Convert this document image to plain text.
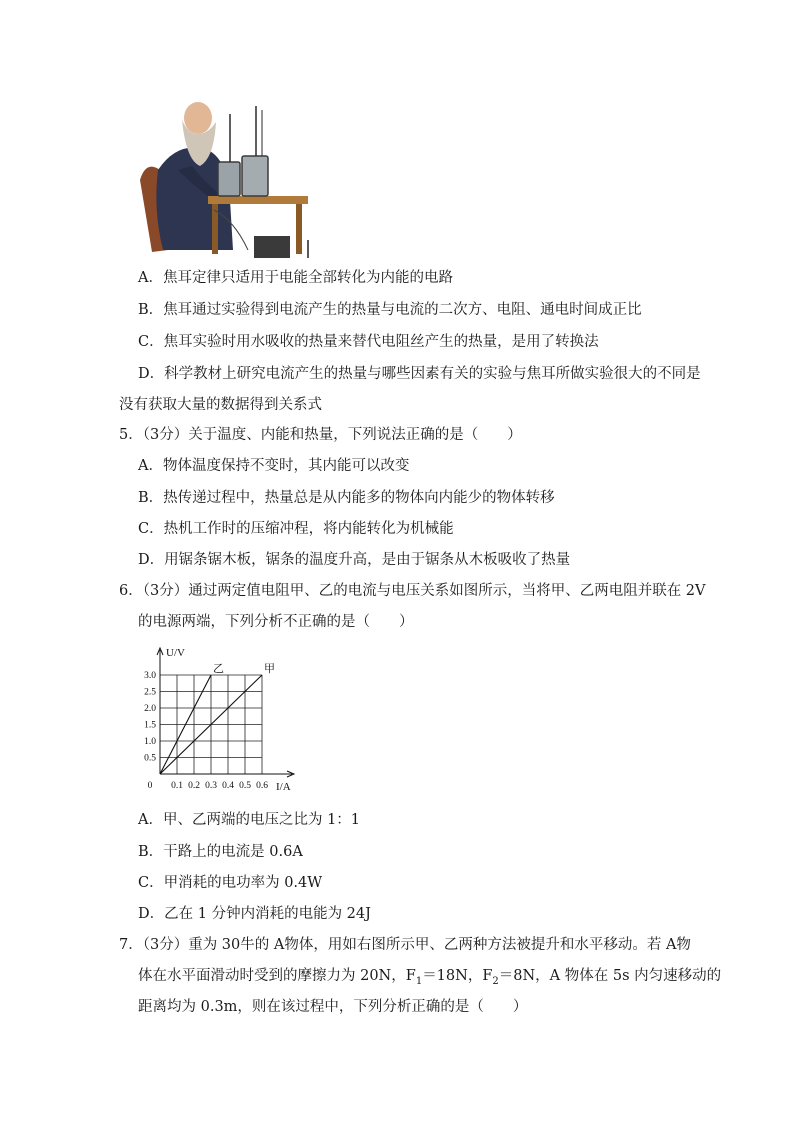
A．焦耳定律只适用于电能全部转化为内能的电路
B．焦耳通过实验得到电流产生的热量与电流的二次方、电阻、通电时间成正比
C．焦耳实验时用水吸收的热量来替代电阻丝产生的热量，是用了转换法
D．科学教材上研究电流产生的热量与哪些因素有关的实验与焦耳所做实验很大的不同是
没有获取大量的数据得到关系式
5．（3分）关于温度、内能和热量，下列说法正确的是（　　）
A．物体温度保持不变时，其内能可以改变
B．热传递过程中，热量总是从内能多的物体向内能少的物体转移
C．热机工作时的压缩冲程，将内能转化为机械能
D．用锯条锯木板，锯条的温度升高，是由于锯条从木板吸收了热量
6．（3分）通过两定值电阻甲、乙的电流与电压关系如图所示，当将甲、乙两电阻并联在 2V
的电源两端，下列分析不正确的是（　　）
乙	甲
0 0.1 0.2 0.3 0.4 0.5 0.6
0.5
1.0
1.5
2.0
2.5
3.0
U/V
I/A
A．甲、乙两端的电压之比为 1：1
B．干路上的电流是 0.6A
C．甲消耗的电功率为 0.4W
D．乙在 1 分钟内消耗的电能为 24J
7．（3分）重为 30牛的 A物体，用如右图所示甲、乙两种方法被提升和水平移动。若 A物
体在水平面滑动时受到的摩擦力为 20N，$F_1=18N$，$F_2=8N$，A 物体在 5s 内匀速移动的
距离均为 0.3m，则在该过程中，下列分析正确的是（　　）
